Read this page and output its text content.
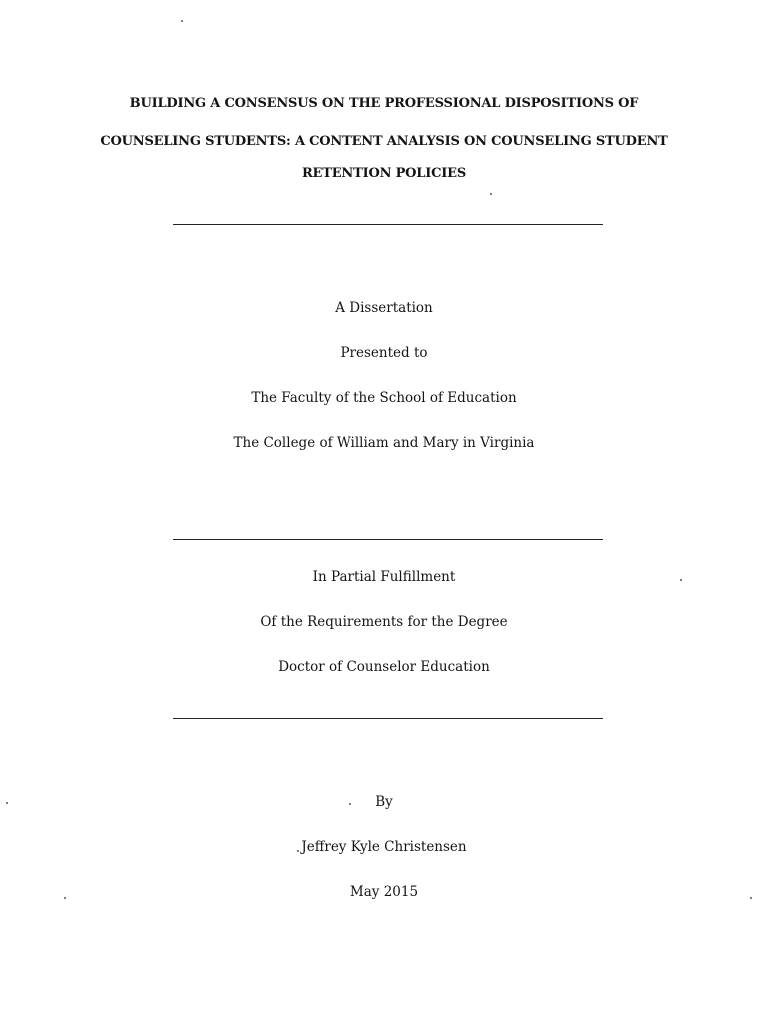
BUILDING A CONSENSUS ON THE PROFESSIONAL DISPOSITIONS OF
COUNSELING STUDENTS: A CONTENT ANALYSIS ON COUNSELING STUDENT
RETENTION POLICIES
A Dissertation
Presented to
The Faculty of the School of Education
The College of William and Mary in Virginia
In Partial Fulfillment
Of the Requirements for the Degree
Doctor of Counselor Education
By
Jeffrey Kyle Christensen
May 2015
